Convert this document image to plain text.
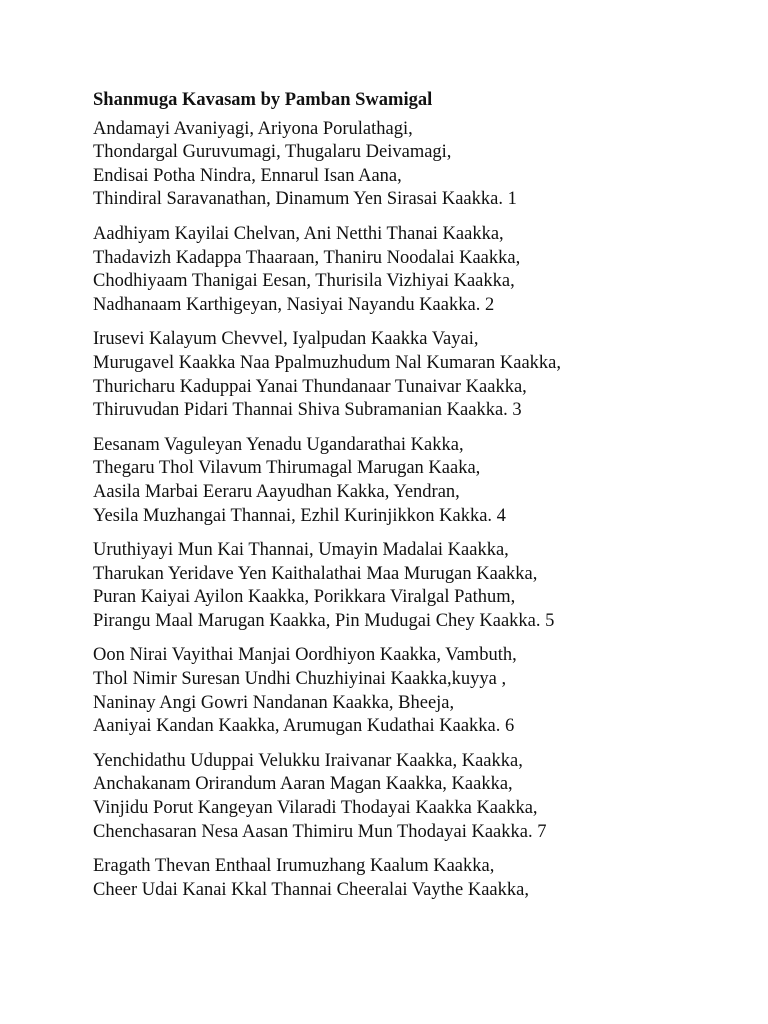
Shanmuga Kavasam by Pamban Swamigal
Andamayi Avaniyagi, Ariyona Porulathagi,
Thondargal Guruvumagi, Thugalaru Deivamagi,
Endisai Potha Nindra, Ennarul Isan Aana,
Thindiral Saravanathan, Dinamum Yen Sirasai Kaakka. 1
Aadhiyam Kayilai Chelvan, Ani Netthi Thanai Kaakka,
Thadavizh Kadappa Thaaraan, Thaniru Noodalai Kaakka,
Chodhiyaam Thanigai Eesan, Thurisila Vizhiyai Kaakka,
Nadhanaam Karthigeyan, Nasiyai Nayandu Kaakka. 2
Irusevi Kalayum Chevvel, Iyalpudan Kaakka Vayai,
Murugavel Kaakka Naa Ppalmuzhudum Nal Kumaran Kaakka,
Thuricharu Kaduppai Yanai Thundanaar Tunaivar Kaakka,
Thiruvudan Pidari Thannai Shiva Subramanian Kaakka. 3
Eesanam Vaguleyan Yenadu Ugandarathai Kakka,
Thegaru Thol Vilavum Thirumagal Marugan Kaaka,
Aasila Marbai Eeraru Aayudhan Kakka, Yendran,
Yesila Muzhangai Thannai, Ezhil Kurinjikkon Kakka. 4
Uruthiyayi Mun Kai Thannai, Umayin Madalai Kaakka,
Tharukan Yeridave Yen Kaithalathai Maa Murugan Kaakka,
Puran Kaiyai Ayilon Kaakka, Porikkara Viralgal Pathum,
Pirangu Maal Marugan Kaakka, Pin Mudugai Chey Kaakka. 5
Oon Nirai Vayithai Manjai Oordhiyon Kaakka, Vambuth,
Thol Nimir Suresan Undhi Chuzhiyinai Kaakka,kuyya ,
Naninay Angi Gowri Nandanan Kaakka, Bheeja,
Aaniyai Kandan Kaakka, Arumugan Kudathai Kaakka. 6
Yenchidathu Uduppai Velukku Iraivanar Kaakka, Kaakka,
Anchakanam Orirandum Aaran Magan Kaakka, Kaakka,
Vinjidu Porut Kangeyan Vilaradi Thodayai Kaakka Kaakka,
Chenchasaran Nesa Aasan Thimiru Mun Thodayai Kaakka. 7
Eragath Thevan Enthaal Irumuzhang Kaalum Kaakka,
Cheer Udai Kanai Kkal Thannai Cheeralai Vaythe Kaakka,
